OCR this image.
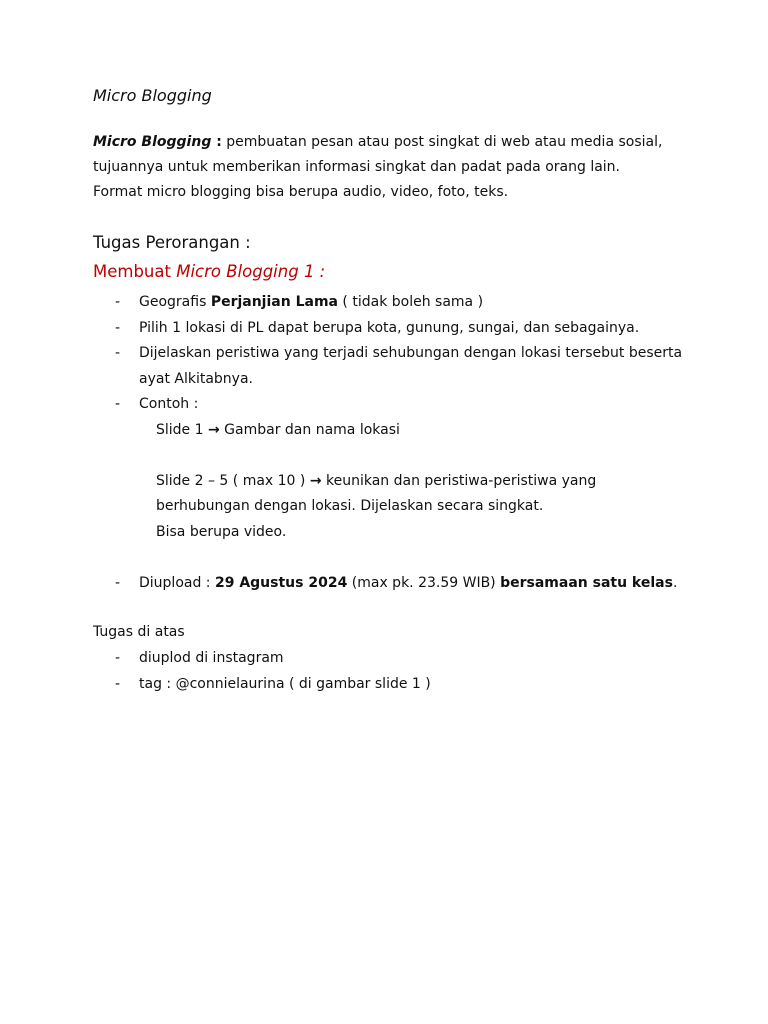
Micro Blogging
Micro Blogging : pembuatan pesan atau post singkat di web atau media sosial,
tujuannya untuk memberikan informasi singkat dan padat pada orang lain.
Format micro blogging bisa berupa audio, video, foto, teks.
Tugas Perorangan :
Membuat Micro Blogging 1 :
- Geografis Perjanjian Lama ( tidak boleh sama )
- Pilih 1 lokasi di PL dapat berupa kota, gunung, sungai, dan sebagainya.
- Dijelaskan peristiwa yang terjadi sehubungan dengan lokasi tersebut beserta
ayat Alkitabnya.
- Contoh :
Slide 1 → Gambar dan nama lokasi
Slide 2 – 5 ( max 10 ) → keunikan dan peristiwa-peristiwa yang
berhubungan dengan lokasi. Dijelaskan secara singkat.
Bisa berupa video.
- Diupload : 29 Agustus 2024 (max pk. 23.59 WIB) bersamaan satu kelas.
Tugas di atas
- diuplod di instagram
- tag : @connielaurina ( di gambar slide 1 )
